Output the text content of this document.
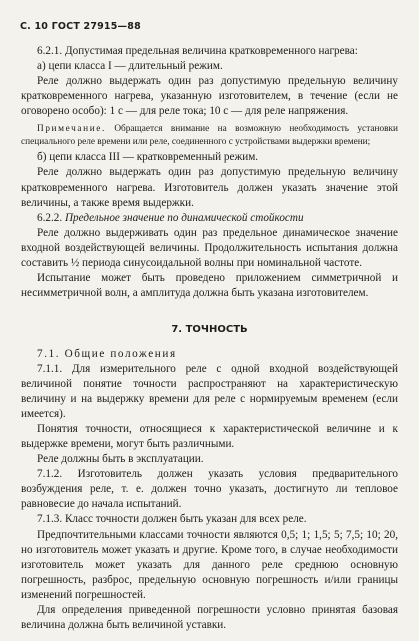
С. 10 ГОСТ 27915—88

6.2.1. Допустимая предельная величина кратковременного нагрева:

а) цепи класса I — длительный режим.

Реле должно выдержать один раз допустимую предельную величину кратковременного нагрева, указанную изготовителем, в течение (если не оговорено особо): 1 с — для реле тока; 10 с — для реле напряжения.

Примечание. Обращается внимание на возможную необходимость установки специального реле времени или реле, соединенного с устройствами выдержки времени;

б) цепи класса III — кратковременный режим.

Реле должно выдержать один раз допустимую предельную величину кратковременного нагрева. Изготовитель должен указать значение этой величины, а также время выдержки.

6.2.2. Предельное значение по динамической стойкости

Реле должно выдерживать один раз предельное динамическое значение входной воздействующей величины. Продолжительность испытания должна составить ½ периода синусоидальной волны при номинальной частоте.

Испытание может быть проведено приложением симметричной и несимметричной волн, а амплитуда должна быть указана изготовителем.

7. ТОЧНОСТЬ

7.1. Общие положения

7.1.1. Для измерительного реле с одной входной воздействующей величиной понятие точности распространяют на характеристическую величину и на выдержку времени для реле с нормируемым временем (если имеется).

Понятия точности, относящиеся к характеристической величине и к выдержке времени, могут быть различными.

Реле должны быть в эксплуатации.

7.1.2. Изготовитель должен указать условия предварительного возбуждения реле, т. е. должен точно указать, достигнуто ли тепловое равновесие до начала испытаний.

7.1.3. Класс точности должен быть указан для всех реле.

Предпочтительными классами точности являются 0,5; 1; 1,5; 5; 7,5; 10; 20, но изготовитель может указать и другие. Кроме того, в случае необходимости изготовитель может указать для данного реле среднюю основную погрешность, разброс, предельную основную погрешность и/или границы изменений погрешностей.

Для определения приведенной погрешности условно принятая базовая величина должна быть величиной уставки.
